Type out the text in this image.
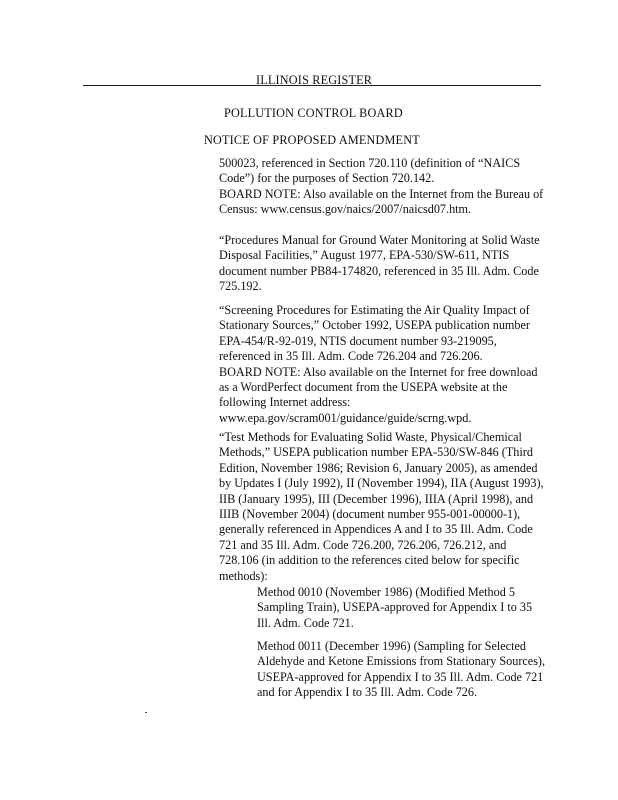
ILLINOIS REGISTER
POLLUTION CONTROL BOARD
NOTICE OF PROPOSED AMENDMENT
500023, referenced in Section 720.110 (definition of “NAICS
Code”) for the purposes of Section 720.142.
BOARD NOTE: Also available on the Internet from the Bureau of
Census: www.census.gov/naics/2007/naicsd07.htm.
“Procedures Manual for Ground Water Monitoring at Solid Waste
Disposal Facilities,” August 1977, EPA-530/SW-611, NTIS
document number PB84-174820, referenced in 35 Ill. Adm. Code
725.192.
“Screening Procedures for Estimating the Air Quality Impact of
Stationary Sources,” October 1992, USEPA publication number
EPA-454/R-92-019, NTIS document number 93-219095,
referenced in 35 Ill. Adm. Code 726.204 and 726.206.
BOARD NOTE: Also available on the Internet for free download
as a WordPerfect document from the USEPA website at the
following Internet address:
www.epa.gov/scram001/guidance/guide/scrng.wpd.
“Test Methods for Evaluating Solid Waste, Physical/Chemical
Methods,” USEPA publication number EPA-530/SW-846 (Third
Edition, November 1986; Revision 6, January 2005), as amended
by Updates I (July 1992), II (November 1994), IIA (August 1993),
IIB (January 1995), III (December 1996), IIIA (April 1998), and
IIIB (November 2004) (document number 955-001-00000-1),
generally referenced in Appendices A and I to 35 Ill. Adm. Code
721 and 35 Ill. Adm. Code 726.200, 726.206, 726.212, and
728.106 (in addition to the references cited below for specific
methods):
Method 0010 (November 1986) (Modified Method 5
Sampling Train), USEPA-approved for Appendix I to 35
Ill. Adm. Code 721.
Method 0011 (December 1996) (Sampling for Selected
Aldehyde and Ketone Emissions from Stationary Sources),
USEPA-approved for Appendix I to 35 Ill. Adm. Code 721
and for Appendix I to 35 Ill. Adm. Code 726.
